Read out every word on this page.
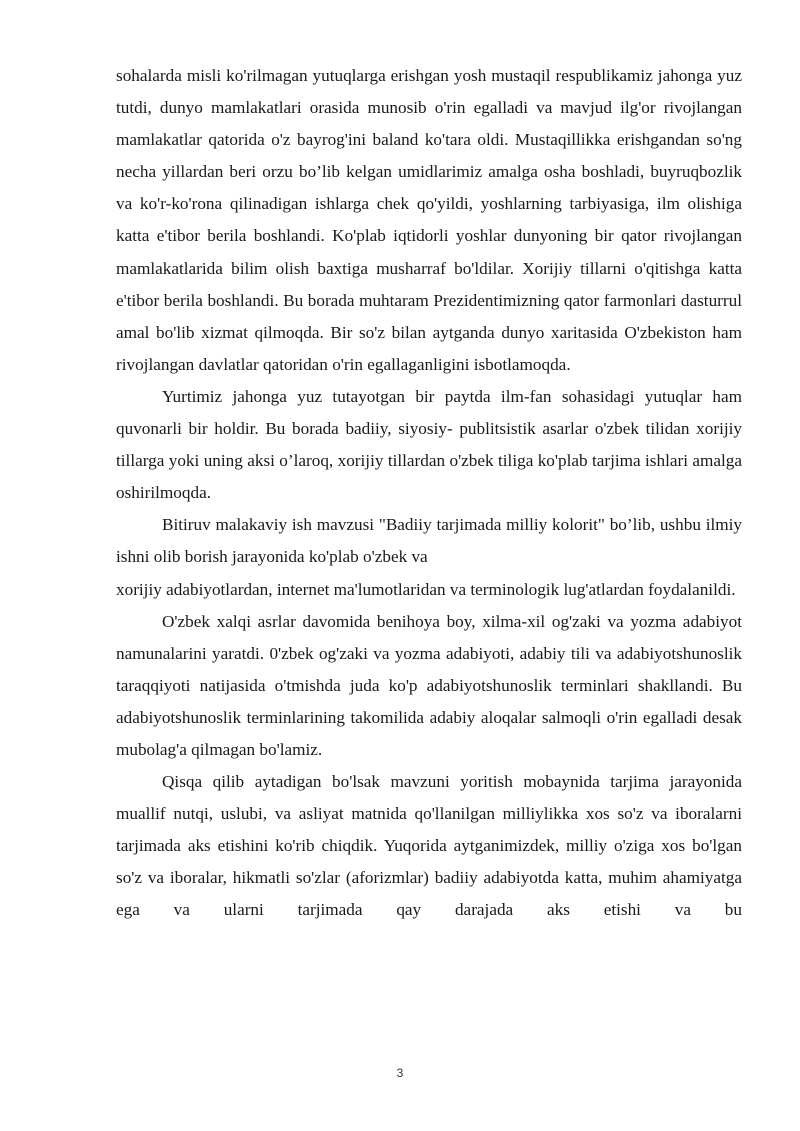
sohalarda misli ko'rilmagan yutuqlarga erishgan yosh mustaqil respublikamiz jahonga yuz tutdi, dunyo mamlakatlari orasida munosib o'rin egalladi va mavjud ilg'or rivojlangan mamlakatlar qatorida o'z bayrog'ini baland ko'tara oldi. Mustaqillikka erishgandan so'ng necha yillardan beri orzu bo’lib kelgan umidlarimiz amalga osha boshladi, buyruqbozlik va ko'r-ko'rona qilinadigan ishlarga chek qo'yildi, yoshlarning tarbiyasiga, ilm olishiga katta e'tibor berila boshlandi. Ko'plab iqtidorli yoshlar dunyoning bir qator rivojlangan mamlakatlarida bilim olish baxtiga musharraf bo'ldilar. Xorijiy tillarni o'qitishga katta e'tibor berila boshlandi. Bu borada muhtaram Prezidentimizning qator farmonlari dasturrul amal bo'lib xizmat qilmoqda. Bir so'z bilan aytganda dunyo xaritasida O'zbekiston ham rivojlangan davlatlar qatoridan o'rin egallaganligini isbotlamoqda.

Yurtimiz jahonga yuz tutayotgan bir paytda ilm-fan sohasidagi yutuqlar ham quvonarli bir holdir. Bu borada badiiy, siyosiy- publitsistik asarlar o'zbek tilidan xorijiy tillarga yoki uning aksi o’laroq, xorijiy tillardan o'zbek tiliga ko'plab tarjima ishlari amalga oshirilmoqda.

Bitiruv malakaviy ish mavzusi "Badiiy tarjimada milliy kolorit" bo’lib, ushbu ilmiy ishni olib borish jarayonida ko'plab o'zbek va

xorijiy adabiyotlardan, internet ma'lumotlaridan va terminologik lug'atlardan foydalanildi.

O'zbek xalqi asrlar davomida benihoya boy, xilma-xil og'zaki va yozma adabiyot namunalarini yaratdi. 0'zbek og'zaki va yozma adabiyoti, adabiy tili va adabiyotshunoslik taraqqiyoti natijasida o'tmishda juda ko'p adabiyotshunoslik terminlari shakllandi. Bu adabiyotshunoslik terminlarining takomilida adabiy aloqalar salmoqli o'rin egalladi desak mubolag'a qilmagan bo'lamiz.

Qisqa qilib aytadigan bo'lsak mavzuni yoritish mobaynida tarjima jarayonida muallif nutqi, uslubi, va asliyat matnida qo'llanilgan milliylikka xos so'z va iboralarni tarjimada aks etishini ko'rib chiqdik. Yuqorida aytganimizdek, milliy o'ziga xos bo'lgan so'z va iboralar, hikmatli so'zlar (aforizmlar) badiiy adabiyotda katta, muhim ahamiyatga ega va ularni tarjimada qay darajada aks etishi va bu

3
